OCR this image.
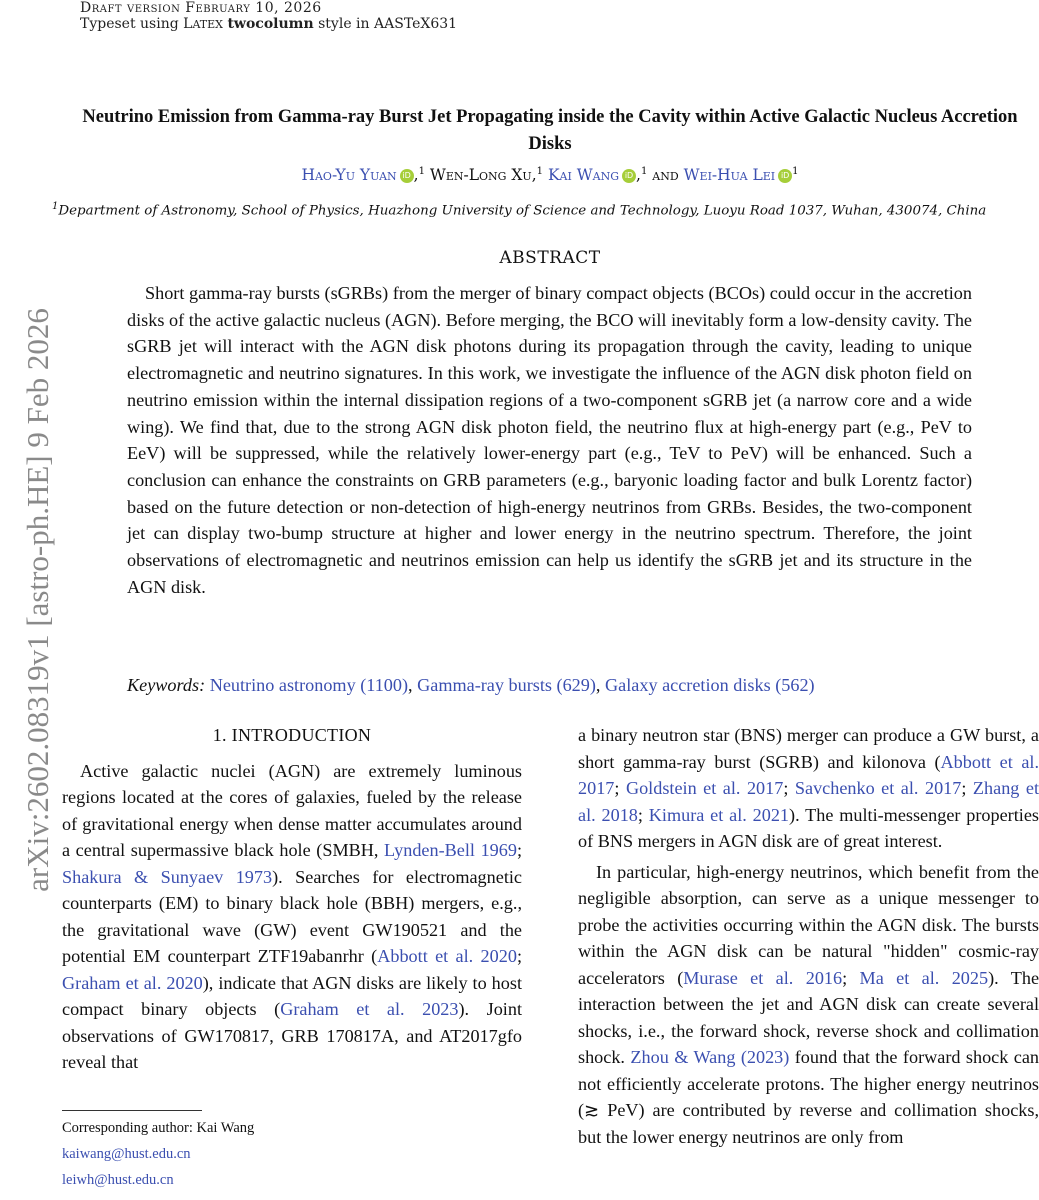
arXiv:2602.08319v1 [astro-ph.HE] 9 Feb 2026
Draft version February 10, 2026
Typeset using LATEX twocolumn style in AASTeX631
Neutrino Emission from Gamma-ray Burst Jet Propagating inside the Cavity within Active Galactic Nucleus Accretion Disks
Hao-Yu Yuan iD ,$^1$ Wen-Long Xu,$^1$ Kai Wang iD ,$^1$ and Wei-Hua Lei iD $^1$
$^1$Department of Astronomy, School of Physics, Huazhong University of Science and Technology, Luoyu Road 1037, Wuhan, 430074, China
ABSTRACT
Short gamma-ray bursts (sGRBs) from the merger of binary compact objects (BCOs) could occur in the accretion disks of the active galactic nucleus (AGN). Before merging, the BCO will inevitably form a low-density cavity. The sGRB jet will interact with the AGN disk photons during its propagation through the cavity, leading to unique electromagnetic and neutrino signatures. In this work, we investigate the influence of the AGN disk photon field on neutrino emission within the internal dissipation regions of a two-component sGRB jet (a narrow core and a wide wing). We find that, due to the strong AGN disk photon field, the neutrino flux at high-energy part (e.g., PeV to EeV) will be suppressed, while the relatively lower-energy part (e.g., TeV to PeV) will be enhanced. Such a conclusion can enhance the constraints on GRB parameters (e.g., baryonic loading factor and bulk Lorentz factor) based on the future detection or non-detection of high-energy neutrinos from GRBs. Besides, the two-component jet can display two-bump structure at higher and lower energy in the neutrino spectrum. Therefore, the joint observations of electromagnetic and neutrinos emission can help us identify the sGRB jet and its structure in the AGN disk.
Keywords: Neutrino astronomy (1100), Gamma-ray bursts (629), Galaxy accretion disks (562)
1. INTRODUCTION

Active galactic nuclei (AGN) are extremely luminous regions located at the cores of galaxies, fueled by the release of gravitational energy when dense matter accumulates around a central supermassive black hole (SMBH, Lynden-Bell 1969; Shakura & Sunyaev 1973). Searches for electromagnetic counterparts (EM) to binary black hole (BBH) mergers, e.g., the gravitational wave (GW) event GW190521 and the potential EM counterpart ZTF19abanrhr (Abbott et al. 2020; Graham et al. 2020), indicate that AGN disks are likely to host compact binary objects (Graham et al. 2023). Joint observations of GW170817, GRB 170817A, and AT2017gfo reveal that

Corresponding author: Kai Wang
kaiwang@hust.edu.cn
leiwh@hust.edu.cn

a binary neutron star (BNS) merger can produce a GW burst, a short gamma-ray burst (SGRB) and kilonova (Abbott et al. 2017; Goldstein et al. 2017; Savchenko et al. 2017; Zhang et al. 2018; Kimura et al. 2021). The multi-messenger properties of BNS mergers in AGN disk are of great interest.

In particular, high-energy neutrinos, which benefit from the negligible absorption, can serve as a unique messenger to probe the activities occurring within the AGN disk. The bursts within the AGN disk can be natural "hidden" cosmic-ray accelerators (Murase et al. 2016; Ma et al. 2025). The interaction between the jet and AGN disk can create several shocks, i.e., the forward shock, reverse shock and collimation shock. Zhou & Wang (2023) found that the forward shock can not efficiently accelerate protons. The higher energy neutrinos (≳ PeV) are contributed by reverse and collimation shocks, but the lower energy neutrinos are only from
